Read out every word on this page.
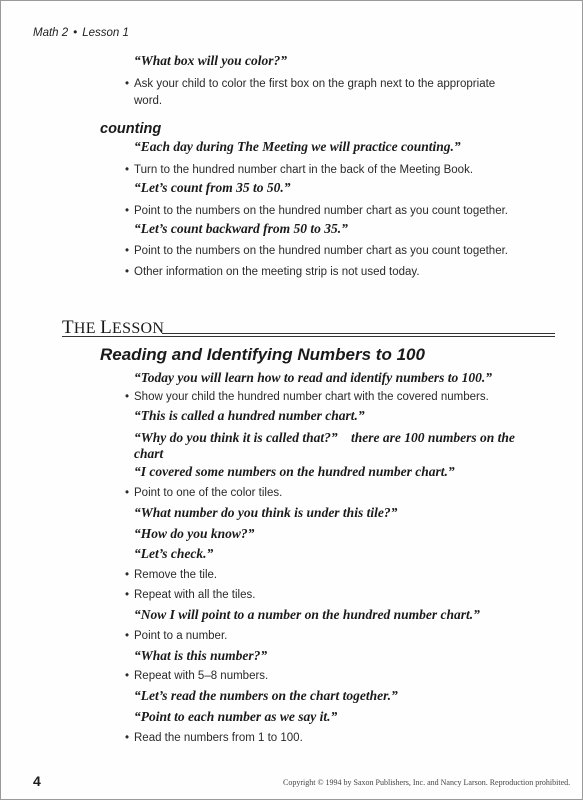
Math 2 • Lesson 1
“What box will you color?”
• Ask your child to color the first box on the graph next to the appropriate
word.
counting
“Each day during The Meeting we will practice counting.”
• Turn to the hundred number chart in the back of the Meeting Book.
“Let’s count from 35 to 50.”
• Point to the numbers on the hundred number chart as you count together.
“Let’s count backward from 50 to 35.”
• Point to the numbers on the hundred number chart as you count together.
• Other information on the meeting strip is not used today.
THE LESSON
Reading and Identifying Numbers to 100
“Today you will learn how to read and identify numbers to 100.”
• Show your child the hundred number chart with the covered numbers.
“This is called a hundred number chart.”
“Why do you think it is called that?” there are 100 numbers on the
chart
“I covered some numbers on the hundred number chart.”
• Point to one of the color tiles.
“What number do you think is under this tile?”
“How do you know?”
“Let’s check.”
• Remove the tile.
• Repeat with all the tiles.
“Now I will point to a number on the hundred number chart.”
• Point to a number.
“What is this number?”
• Repeat with 5–8 numbers.
“Let’s read the numbers on the chart together.”
“Point to each number as we say it.”
• Read the numbers from 1 to 100.
4	Copyright © 1994 by Saxon Publishers, Inc. and Nancy Larson. Reproduction prohibited.
